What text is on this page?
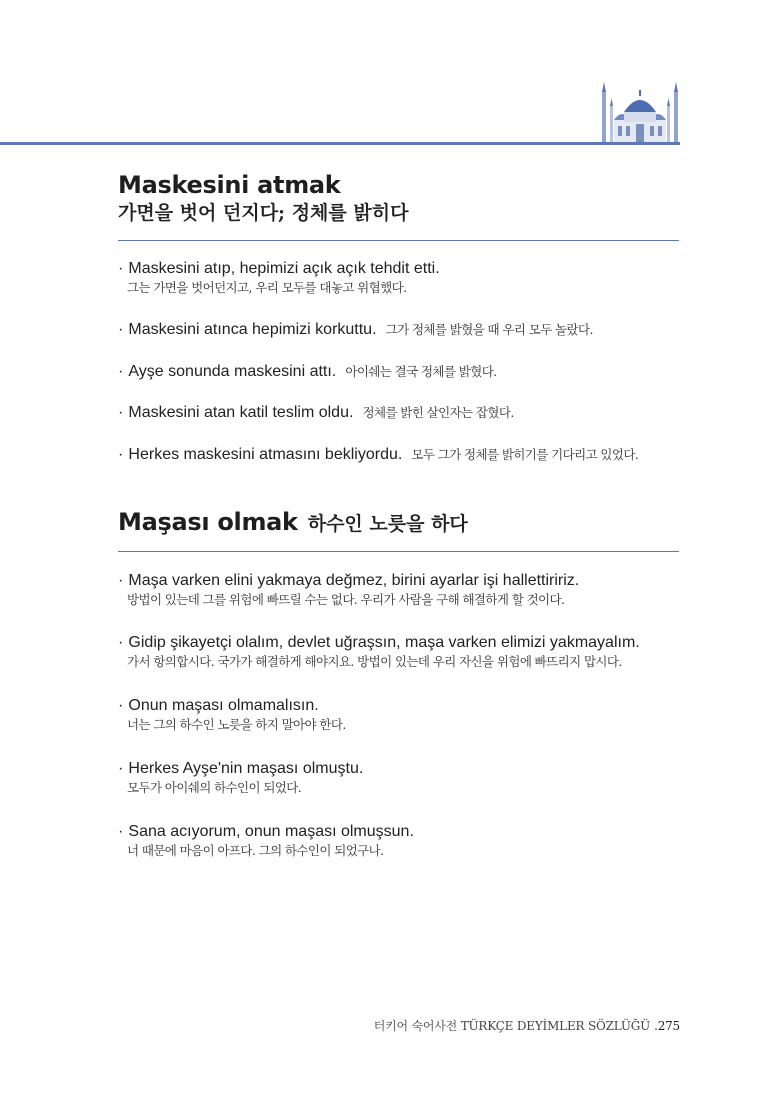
Maskesini atmak
가면을 벗어 던지다; 정체를 밝히다
· Maskesini atıp, hepimizi açık açık tehdit etti.
그는 가면을 벗어던지고, 우리 모두를 대놓고 위협했다.
· Maskesini atınca hepimizi korkuttu. 그가 정체를 밝혔을 때 우리 모두 놀랐다.
· Ayşe sonunda maskesini attı. 아이쉐는 결국 정체를 밝혔다.
· Maskesini atan katil teslim oldu. 정체를 밝힌 살인자는 잡혔다.
· Herkes maskesini atmasını bekliyordu. 모두 그가 정체를 밝히기를 기다리고 있었다.
Maşası olmak 하수인 노릇을 하다
· Maşa varken elini yakmaya değmez, birini ayarlar işi hallettiririz.
방법이 있는데 그를 위험에 빠뜨릴 수는 없다. 우리가 사람을 구해 해결하게 할 것이다.
· Gidip şikayetçi olalım, devlet uğraşsın, maşa varken elimizi yakmayalım.
가서 항의합시다. 국가가 해결하게 해야지요. 방법이 있는데 우리 자신을 위험에 빠뜨리지 맙시다.
· Onun maşası olmamalısın.
너는 그의 하수인 노릇을 하지 말아야 한다.
· Herkes Ayşe'nin maşası olmuştu.
모두가 아이쉐의 하수인이 되었다.
· Sana acıyorum, onun maşası olmuşsun.
너 때문에 마음이 아프다. 그의 하수인이 되었구나.
터키어 숙어사전 TÜRKÇE DEYİMLER SÖZLÜĞÜ .275
